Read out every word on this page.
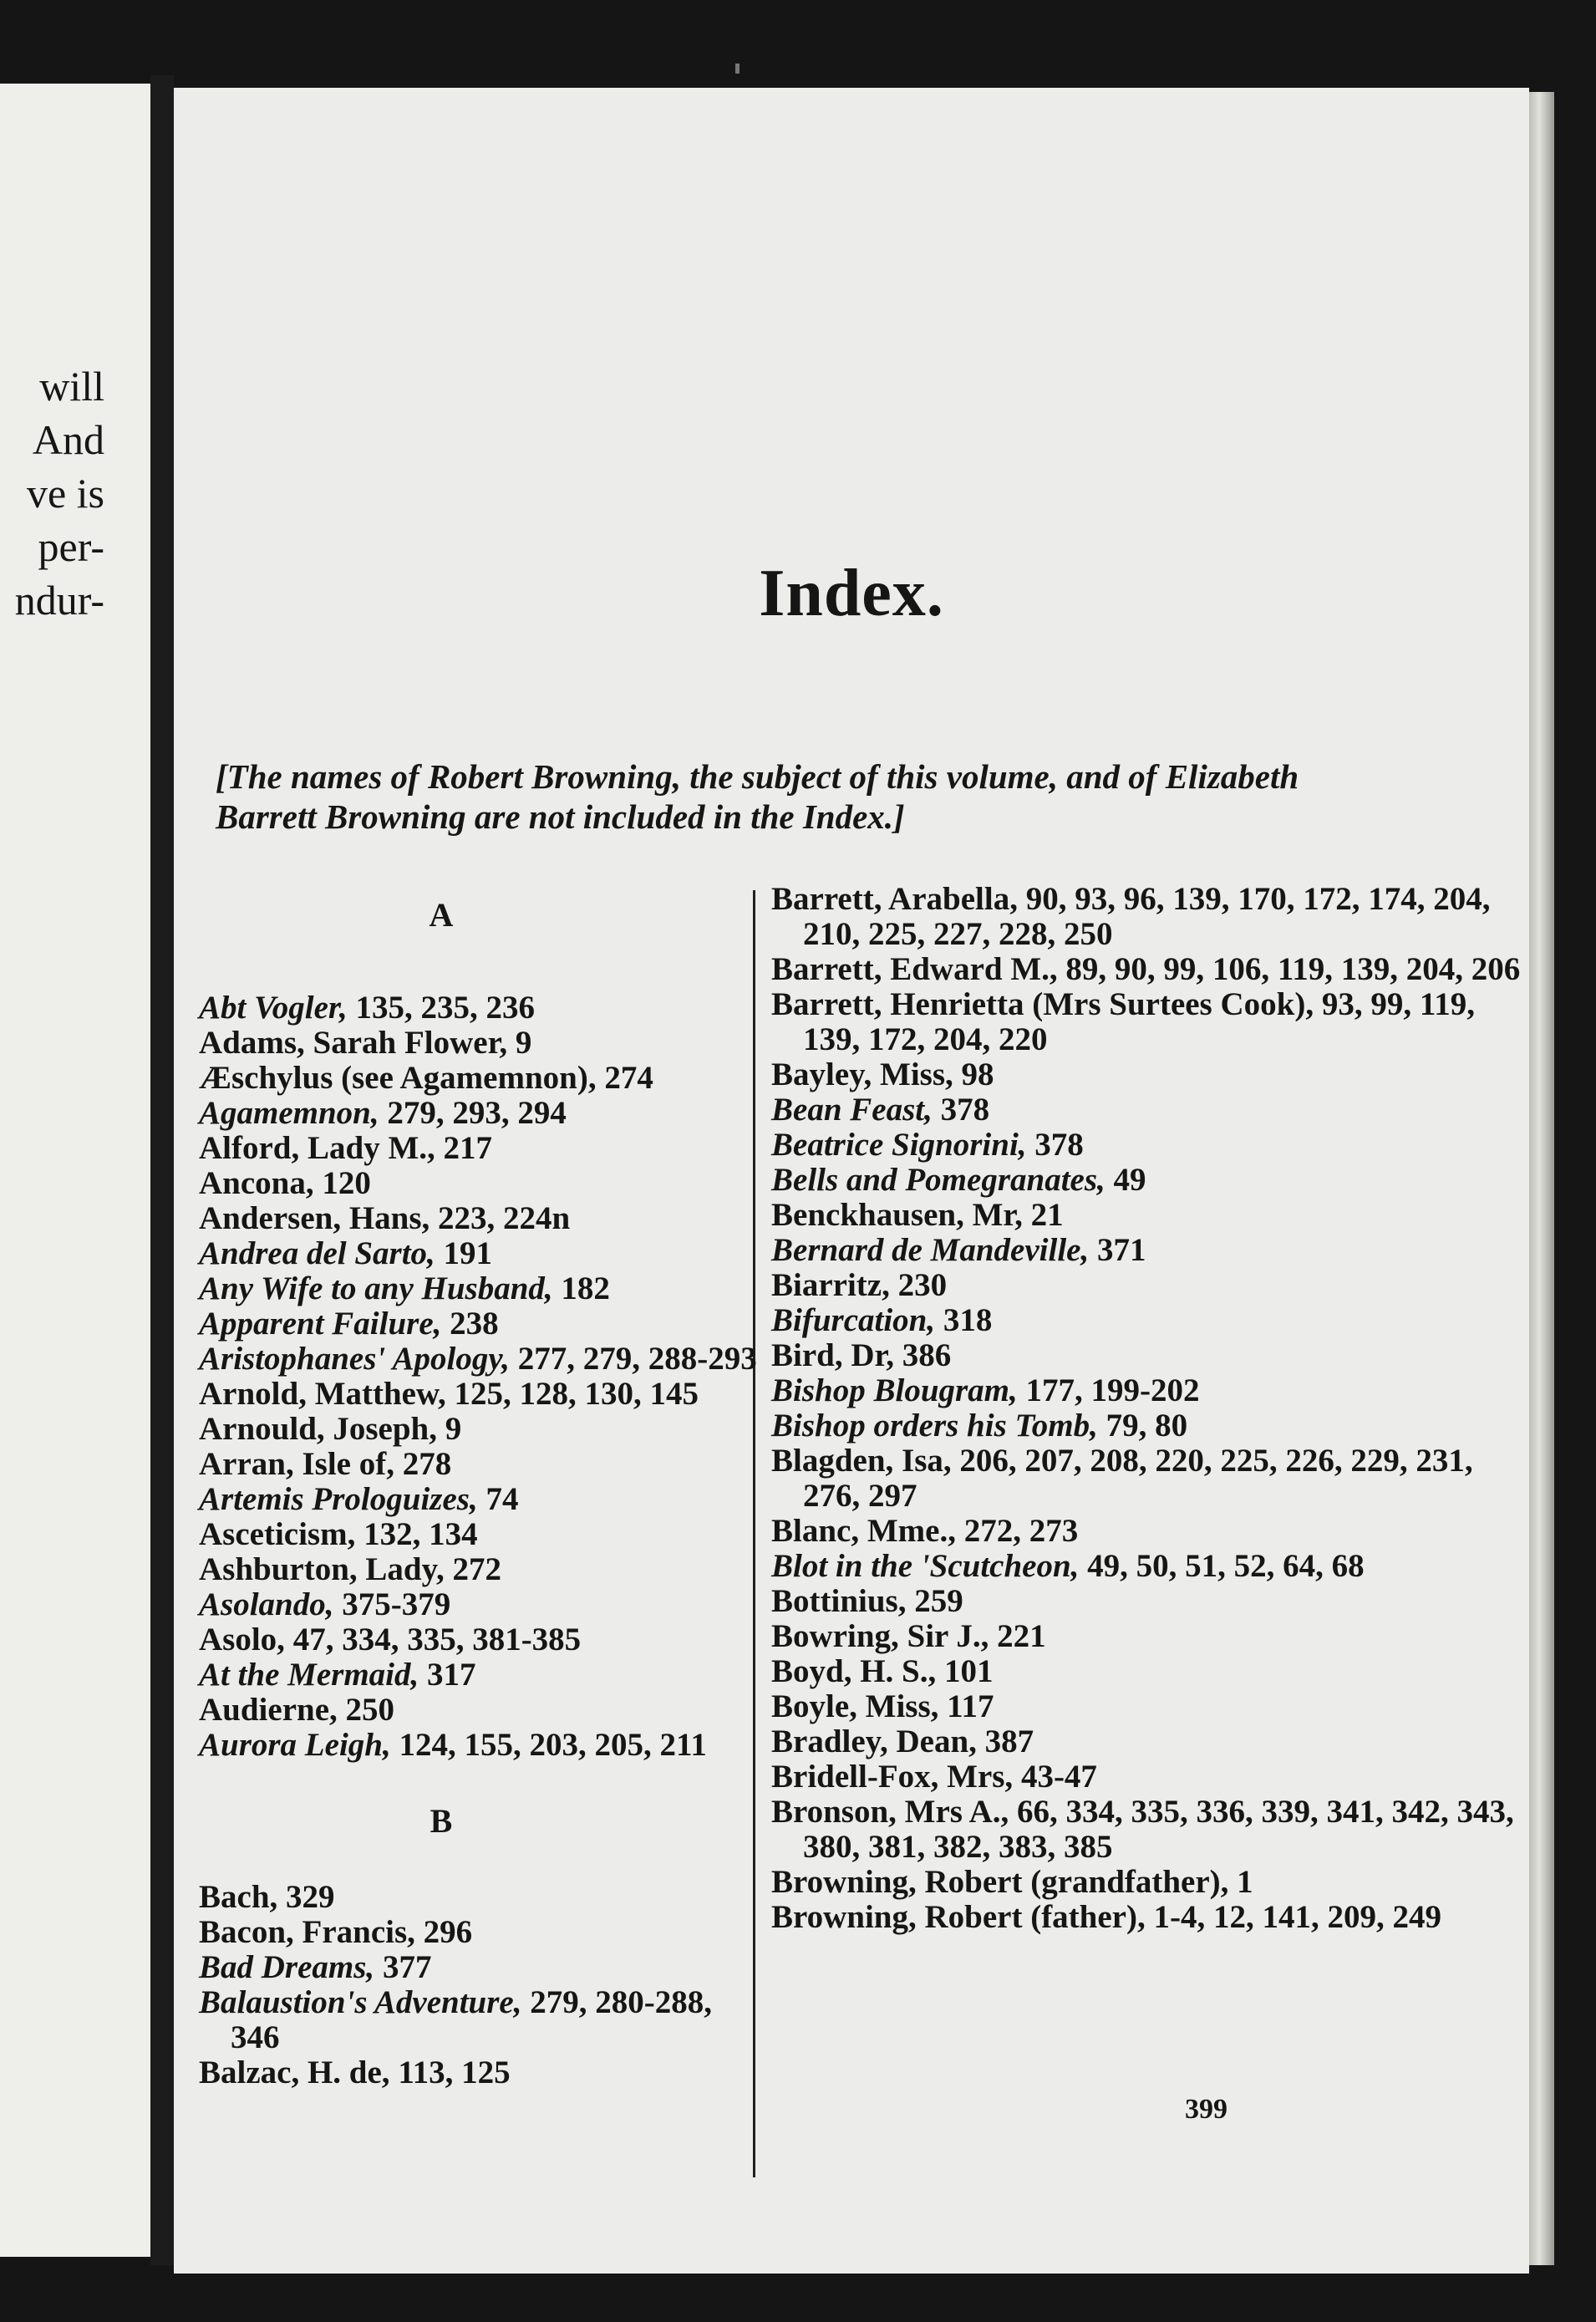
will
And
ve is
per-
ndur-	Index.
[The names of Robert Browning, the subject of this volume, and of Elizabeth Barrett Browning are not included in the Index.]
A
Abt Vogler, 135, 235, 236
Adams, Sarah Flower, 9
Æschylus (see Agamemnon), 274
Agamemnon, 279, 293, 294
Alford, Lady M., 217
Ancona, 120
Andersen, Hans, 223, 224n
Andrea del Sarto, 191
Any Wife to any Husband, 182
Apparent Failure, 238
Aristophanes' Apology, 277, 279, 288-293
Arnold, Matthew, 125, 128, 130, 145
Arnould, Joseph, 9
Arran, Isle of, 278
Artemis Prologuizes, 74
Asceticism, 132, 134
Ashburton, Lady, 272
Asolando, 375-379
Asolo, 47, 334, 335, 381-385
At the Mermaid, 317
Audierne, 250
Aurora Leigh, 124, 155, 203, 205, 211
B
Bach, 329
Bacon, Francis, 296
Bad Dreams, 377
Balaustion's Adventure, 279, 280-288, 346
Balzac, H. de, 113, 125
Barrett, Arabella, 90, 93, 96, 139, 170, 172, 174, 204, 210, 225, 227, 228, 250
Barrett, Edward M., 89, 90, 99, 106, 119, 139, 204, 206
Barrett, Henrietta (Mrs Surtees Cook), 93, 99, 119, 139, 172, 204, 220
Bayley, Miss, 98
Bean Feast, 378
Beatrice Signorini, 378
Bells and Pomegranates, 49
Benckhausen, Mr, 21
Bernard de Mandeville, 371
Biarritz, 230
Bifurcation, 318
Bird, Dr, 386
Bishop Blougram, 177, 199-202
Bishop orders his Tomb, 79, 80
Blagden, Isa, 206, 207, 208, 220, 225, 226, 229, 231, 276, 297
Blanc, Mme., 272, 273
Blot in the 'Scutcheon, 49, 50, 51, 52, 64, 68
Bottinius, 259
Bowring, Sir J., 221
Boyd, H. S., 101
Boyle, Miss, 117
Bradley, Dean, 387
Bridell-Fox, Mrs, 43-47
Bronson, Mrs A., 66, 334, 335, 336, 339, 341, 342, 343, 380, 381, 382, 383, 385
Browning, Robert (grandfather), 1
Browning, Robert (father), 1-4, 12, 141, 209, 249
399
